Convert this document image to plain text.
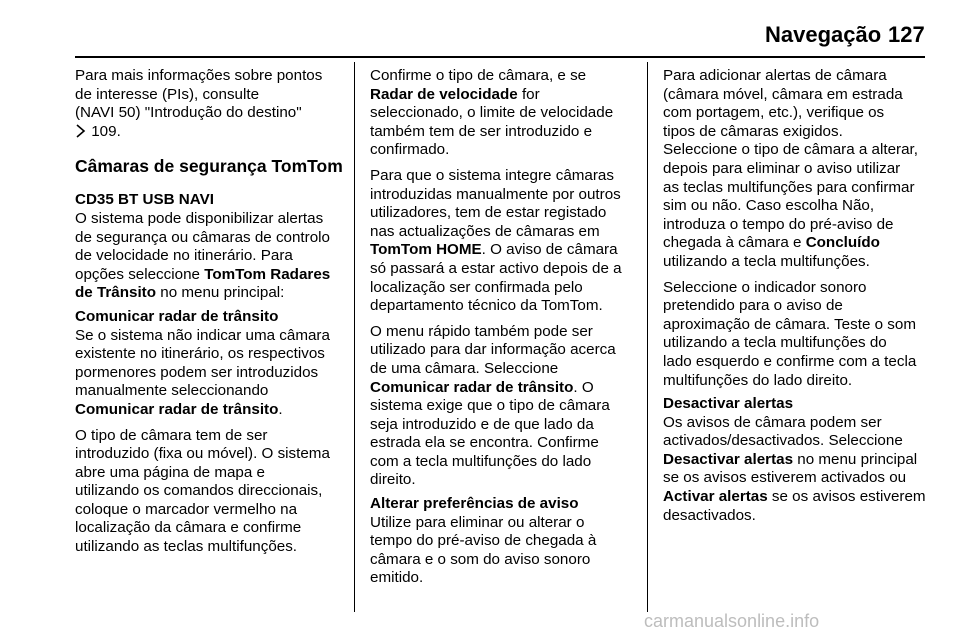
Navegação 127
Para mais informações sobre pontos
de interesse (PIs), consulte
(NAVI 50) "Introdução do destino"
109.
Câmaras de segurança TomTom
CD35 BT USB NAVI
O sistema pode disponibilizar alertas
de segurança ou câmaras de controlo
de velocidade no itinerário. Para
opções seleccione TomTom Radares
de Trânsito no menu principal:
Comunicar radar de trânsito
Se o sistema não indicar uma câmara
existente no itinerário, os respectivos
pormenores podem ser introduzidos
manualmente seleccionando
Comunicar radar de trânsito.
O tipo de câmara tem de ser
introduzido (fixa ou móvel). O sistema
abre uma página de mapa e
utilizando os comandos direccionais,
coloque o marcador vermelho na
localização da câmara e confirme
utilizando as teclas multifunções.
Confirme o tipo de câmara, e se
Radar de velocidade for
seleccionado, o limite de velocidade
também tem de ser introduzido e
confirmado.
Para que o sistema integre câmaras
introduzidas manualmente por outros
utilizadores, tem de estar registado
nas actualizações de câmaras em
TomTom HOME. O aviso de câmara
só passará a estar activo depois de a
localização ser confirmada pelo
departamento técnico da TomTom.
O menu rápido também pode ser
utilizado para dar informação acerca
de uma câmara. Seleccione
Comunicar radar de trânsito. O
sistema exige que o tipo de câmara
seja introduzido e de que lado da
estrada ela se encontra. Confirme
com a tecla multifunções do lado
direito.
Alterar preferências de aviso
Utilize para eliminar ou alterar o
tempo do pré-aviso de chegada à
câmara e o som do aviso sonoro
emitido.
Para adicionar alertas de câmara
(câmara móvel, câmara em estrada
com portagem, etc.), verifique os
tipos de câmaras exigidos.
Seleccione o tipo de câmara a alterar,
depois para eliminar o aviso utilizar
as teclas multifunções para confirmar
sim ou não. Caso escolha Não,
introduza o tempo do pré-aviso de
chegada à câmara e Concluído
utilizando a tecla multifunções.
Seleccione o indicador sonoro
pretendido para o aviso de
aproximação de câmara. Teste o som
utilizando a tecla multifunções do
lado esquerdo e confirme com a tecla
multifunções do lado direito.
Desactivar alertas
Os avisos de câmara podem ser
activados/desactivados. Seleccione
Desactivar alertas no menu principal
se os avisos estiverem activados ou
Activar alertas se os avisos estiverem
desactivados.
carmanualsonline.info
